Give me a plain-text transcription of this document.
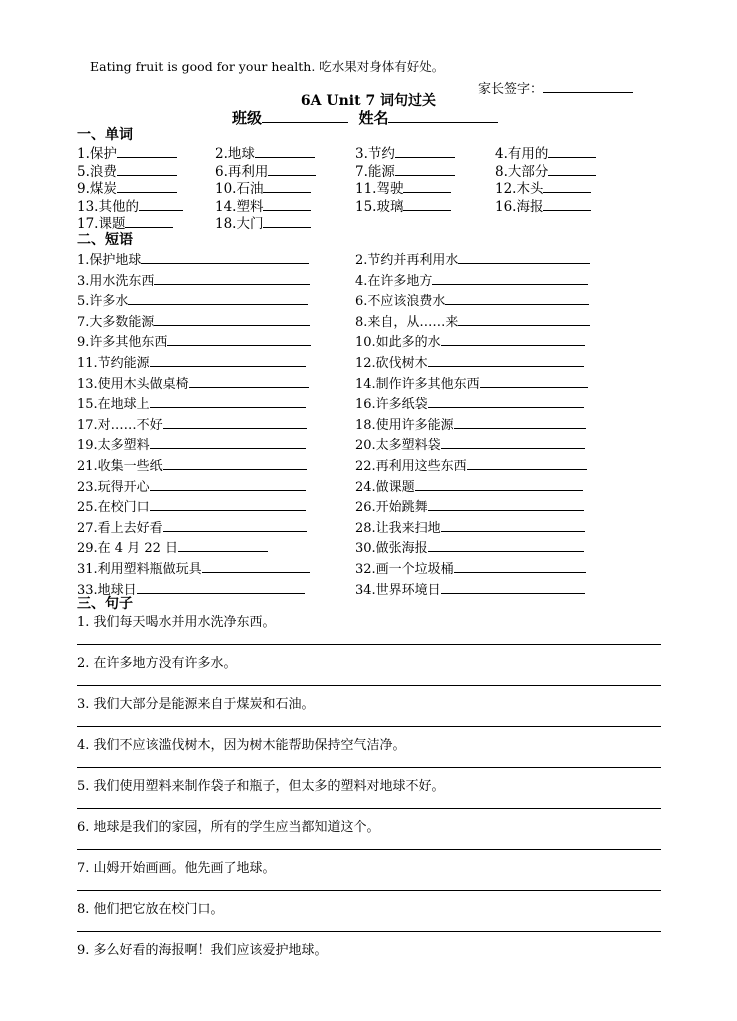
Eating fruit is good for your health. 吃水果对身体有好处。
家长签字：
6A Unit 7 词句过关
班级	姓名
一、单词
1.保护	2.地球	3.节约	4.有用的
5.浪费	6.再利用	7.能源	8.大部分
9.煤炭	10.石油	11.驾驶	12.木头
13.其他的	14.塑料	15.玻璃	16.海报
17.课题	18.大门
二、短语
1.保护地球	2.节约并再利用水
3.用水洗东西	4.在许多地方
5.许多水	6.不应该浪费水
7.大多数能源	8.来自，从……来
9.许多其他东西	10.如此多的水
11.节约能源	12.砍伐树木
13.使用木头做桌椅	14.制作许多其他东西
15.在地球上	16.许多纸袋
17.对……不好	18.使用许多能源
19.太多塑料	20.太多塑料袋
21.收集一些纸	22.再利用这些东西
23.玩得开心	24.做课题
25.在校门口	26.开始跳舞
27.看上去好看	28.让我来扫地
29.在 4 月 22 日	30.做张海报
31.利用塑料瓶做玩具	32.画一个垃圾桶
33.地球日	34.世界环境日
三、句子
1. 我们每天喝水并用水洗净东西。
2. 在许多地方没有许多水。
3. 我们大部分是能源来自于煤炭和石油。
4. 我们不应该滥伐树木，因为树木能帮助保持空气洁净。
5. 我们使用塑料来制作袋子和瓶子，但太多的塑料对地球不好。
6. 地球是我们的家园，所有的学生应当都知道这个。
7. 山姆开始画画。他先画了地球。
8. 他们把它放在校门口。
9. 多么好看的海报啊！我们应该爱护地球。
